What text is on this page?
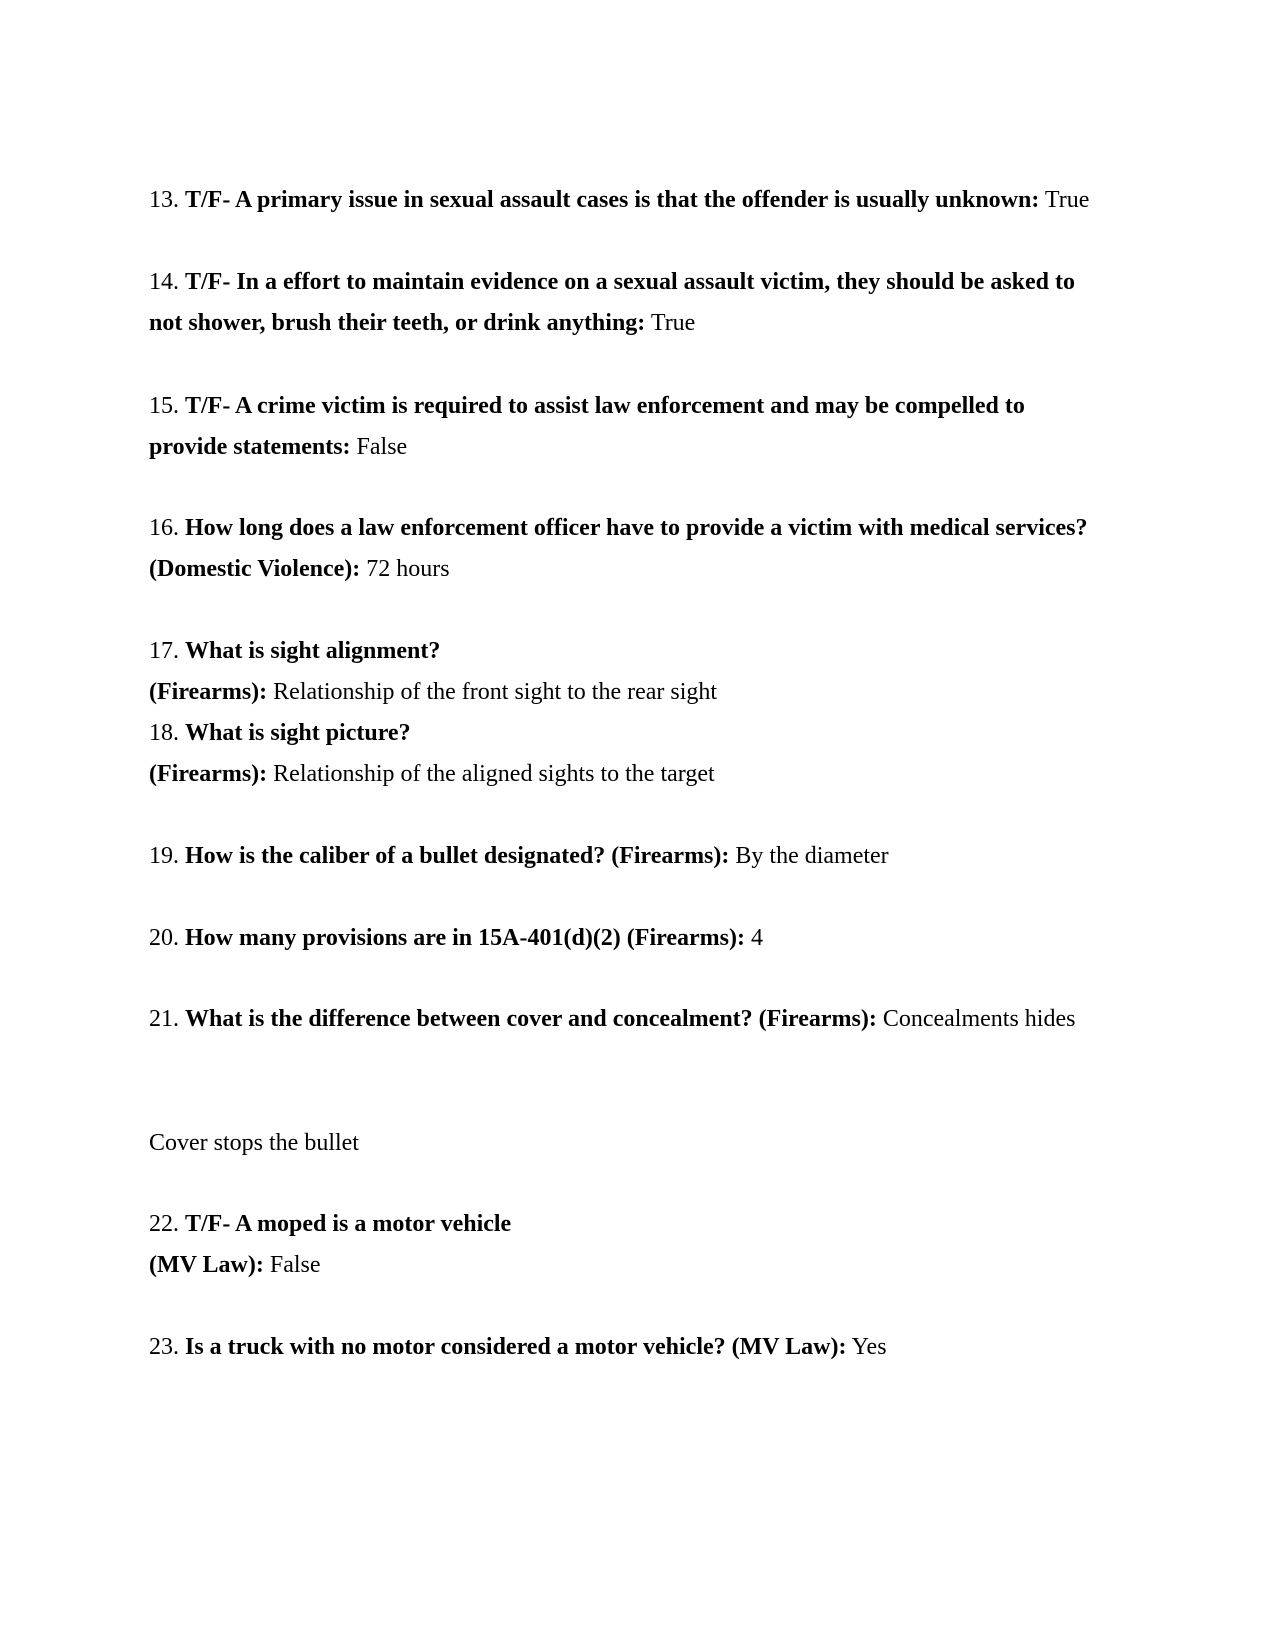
13. T/F- A primary issue in sexual assault cases is that the offender is usually unknown: True
14. T/F- In a effort to maintain evidence on a sexual assault victim, they should be asked to
not shower, brush their teeth, or drink anything: True
15. T/F- A crime victim is required to assist law enforcement and may be compelled to
provide statements: False
16. How long does a law enforcement officer have to provide a victim with medical services?
(Domestic Violence): 72 hours
17. What is sight alignment?
(Firearms): Relationship of the front sight to the rear sight
18. What is sight picture?
(Firearms): Relationship of the aligned sights to the target
19. How is the caliber of a bullet designated? (Firearms): By the diameter
20. How many provisions are in 15A-401(d)(2) (Firearms): 4
21. What is the difference between cover and concealment? (Firearms): Concealments hides
Cover stops the bullet
22. T/F- A moped is a motor vehicle
(MV Law): False
23. Is a truck with no motor considered a motor vehicle? (MV Law): Yes
